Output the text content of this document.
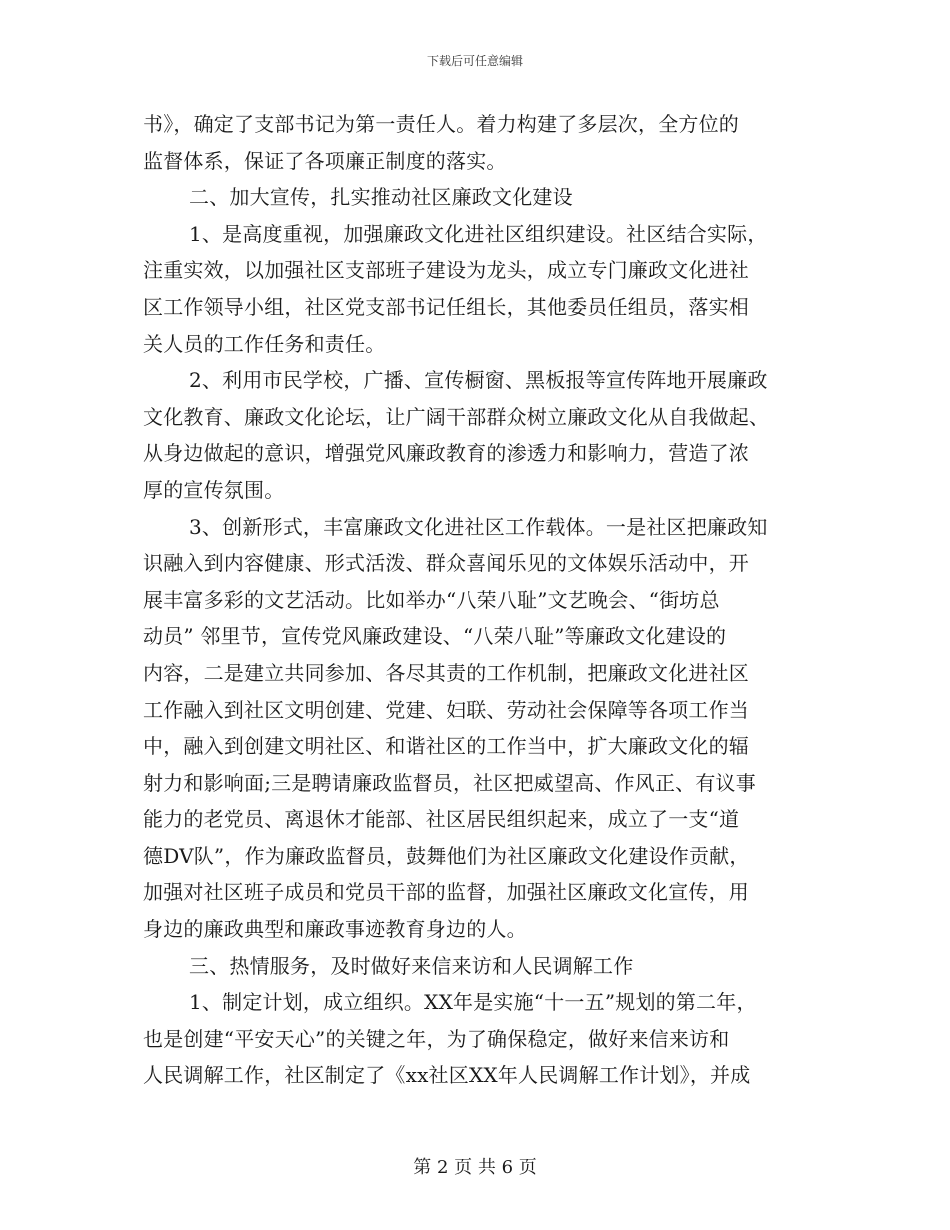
下载后可任意编辑
书》，确定了支部书记为第一责任人。着力构建了多层次，全方位的
监督体系，保证了各项廉正制度的落实。
二、加大宣传，扎实推动社区廉政文化建设
1、是高度重视，加强廉政文化进社区组织建设。社区结合实际，
注重实效，以加强社区支部班子建设为龙头，成立专门廉政文化进社
区工作领导小组，社区党支部书记任组长，其他委员任组员，落实相
关人员的工作任务和责任。
2、利用市民学校，广播、宣传橱窗、黑板报等宣传阵地开展廉政
文化教育、廉政文化论坛，让广阔干部群众树立廉政文化从自我做起、
从身边做起的意识，增强党风廉政教育的渗透力和影响力，营造了浓
厚的宣传氛围。
3、创新形式，丰富廉政文化进社区工作载体。一是社区把廉政知
识融入到内容健康、形式活泼、群众喜闻乐见的文体娱乐活动中，开
展丰富多彩的文艺活动。比如举办“八荣八耻”文艺晚会、“街坊总
动员” 邻里节，宣传党风廉政建设、“八荣八耻”等廉政文化建设的
内容，二是建立共同参加、各尽其责的工作机制，把廉政文化进社区
工作融入到社区文明创建、党建、妇联、劳动社会保障等各项工作当
中，融入到创建文明社区、和谐社区的工作当中，扩大廉政文化的辐
射力和影响面;三是聘请廉政监督员，社区把威望高、作风正、有议事
能力的老党员、离退休才能部、社区居民组织起来，成立了一支“道
德DV队”，作为廉政监督员，鼓舞他们为社区廉政文化建设作贡献，
加强对社区班子成员和党员干部的监督，加强社区廉政文化宣传，用
身边的廉政典型和廉政事迹教育身边的人。
三、热情服务，及时做好来信来访和人民调解工作
1、制定计划，成立组织。XX年是实施“十一五”规划的第二年，
也是创建“平安天心”的关键之年，为了确保稳定，做好来信来访和
人民调解工作，社区制定了《xx社区XX年人民调解工作计划》，并成
第 2 页 共 6 页
